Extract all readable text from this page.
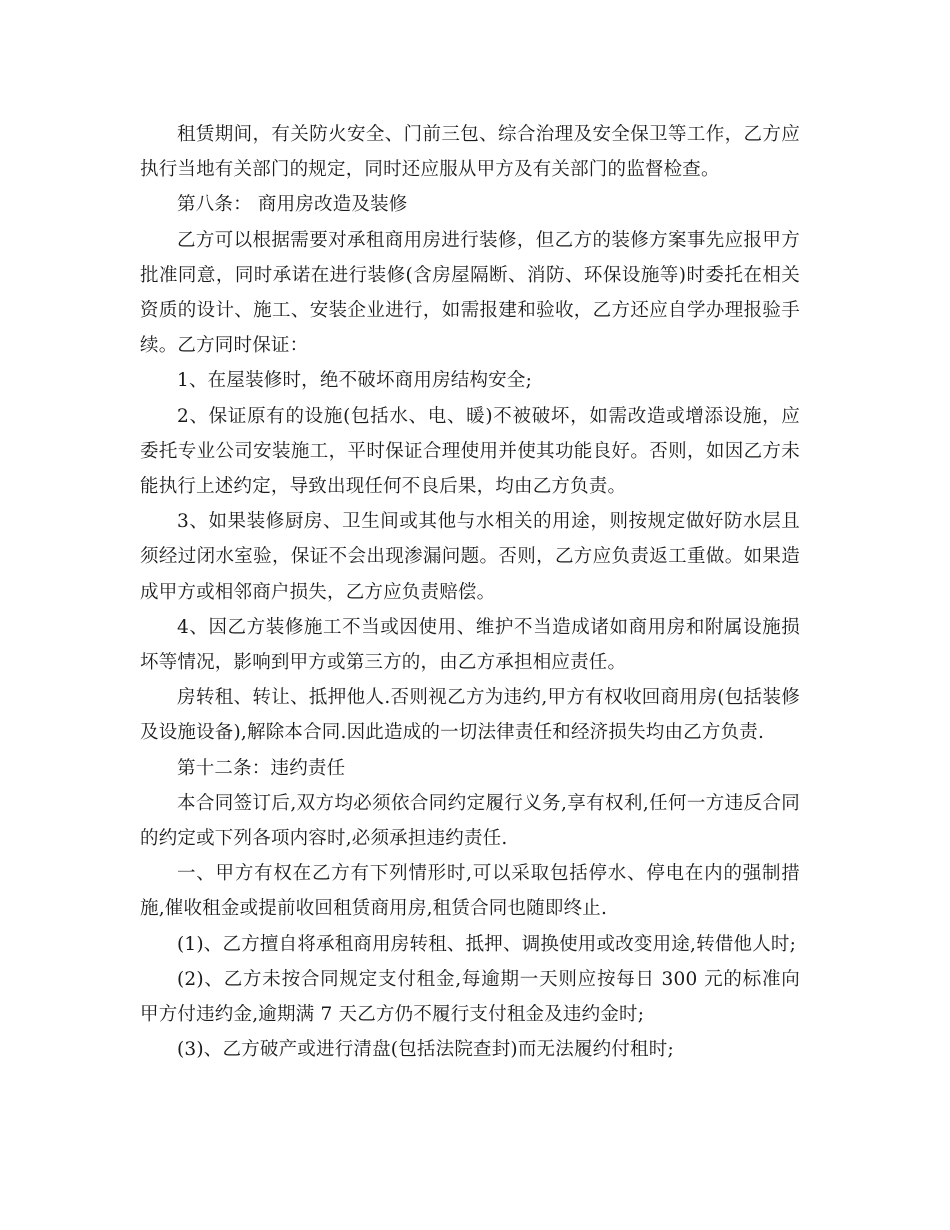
租赁期间，有关防火安全、门前三包、综合治理及安全保卫等工作，乙方应执行当地有关部门的规定，同时还应服从甲方及有关部门的监督检查。

第八条： 商用房改造及装修

乙方可以根据需要对承租商用房进行装修，但乙方的装修方案事先应报甲方批准同意，同时承诺在进行装修(含房屋隔断、消防、环保设施等)时委托在相关资质的设计、施工、安装企业进行，如需报建和验收，乙方还应自学办理报验手续。乙方同时保证：

1、在屋装修时，绝不破坏商用房结构安全;

2、保证原有的设施(包括水、电、暖)不被破坏，如需改造或增添设施，应委托专业公司安装施工，平时保证合理使用并使其功能良好。否则，如因乙方未能执行上述约定，导致出现任何不良后果，均由乙方负责。

3、如果装修厨房、卫生间或其他与水相关的用途，则按规定做好防水层且须经过闭水室验，保证不会出现渗漏问题。否则，乙方应负责返工重做。如果造成甲方或相邻商户损失，乙方应负责赔偿。

4、因乙方装修施工不当或因使用、维护不当造成诸如商用房和附属设施损坏等情况，影响到甲方或第三方的，由乙方承担相应责任。

房转租、转让、抵押他人.否则视乙方为违约,甲方有权收回商用房(包括装修及设施设备),解除本合同.因此造成的一切法律责任和经济损失均由乙方负责.

第十二条：违约责任

本合同签订后,双方均必须依合同约定履行义务,享有权利,任何一方违反合同的约定或下列各项内容时,必须承担违约责任.

一、甲方有权在乙方有下列情形时,可以采取包括停水、停电在内的强制措施,催收租金或提前收回租赁商用房,租赁合同也随即终止.

(1)、乙方擅自将承租商用房转租、抵押、调换使用或改变用途,转借他人时;

(2)、乙方未按合同规定支付租金,每逾期一天则应按每日 300 元的标准向甲方付违约金,逾期满 7 天乙方仍不履行支付租金及违约金时;

(3)、乙方破产或进行清盘(包括法院查封)而无法履约付租时;
